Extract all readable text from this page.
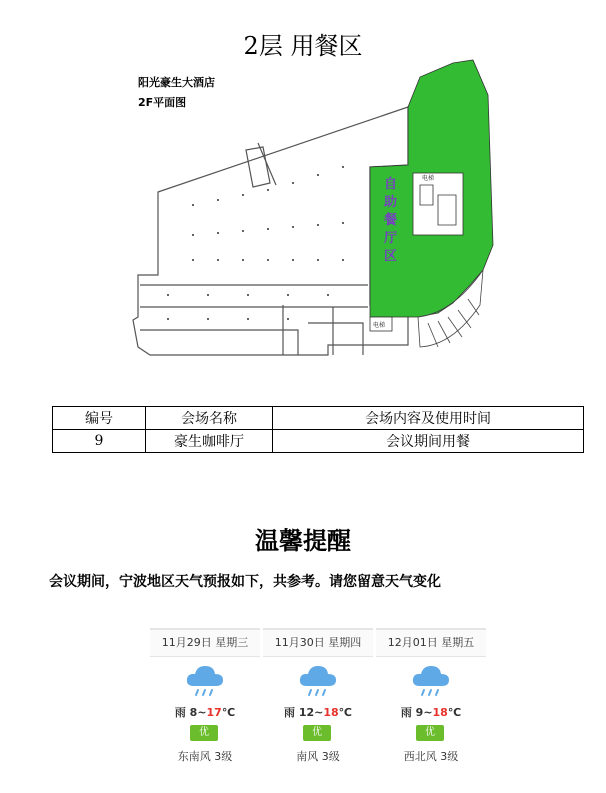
2层 用餐区
阳光豪生大酒店
2F平面图
自
助
餐
厅
区
电梯
电梯
编号	会场名称	会场内容及使用时间
9	豪生咖啡厅	会议期间用餐
温馨提醒
会议期间，宁波地区天气预报如下，共参考。请您留意天气变化
11月29日 星期三
雨 8~17℃
优
东南风 3级
11月30日 星期四
雨 12~18℃
优
南风 3级
12月01日 星期五
雨 9~18℃
优
西北风 3级
